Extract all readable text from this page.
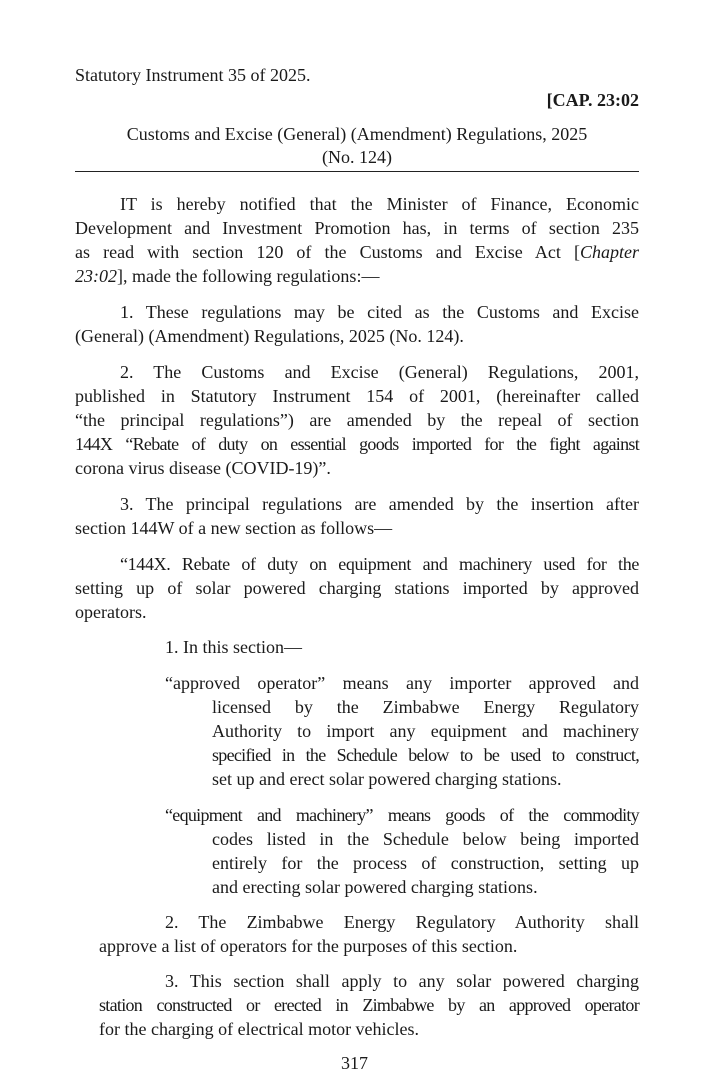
Statutory Instrument 35 of 2025.
[CAP. 23:02
Customs and Excise (General) (Amendment) Regulations, 2025
(No. 124)
IT is hereby notified that the Minister of Finance, Economic
Development and Investment Promotion has, in terms of section 235
as read with section 120 of the Customs and Excise Act [Chapter
23:02], made the following regulations:—
1. These regulations may be cited as the Customs and Excise
(General) (Amendment) Regulations, 2025 (No. 124).
2. The Customs and Excise (General) Regulations, 2001,
published in Statutory Instrument 154 of 2001, (hereinafter called
“the principal regulations”) are amended by the repeal of section
144X “Rebate of duty on essential goods imported for the fight against
corona virus disease (COVID-19)”.
3. The principal regulations are amended by the insertion after
section 144W of a new section as follows—
“144X. Rebate of duty on equipment and machinery used for the
setting up of solar powered charging stations imported by approved
operators.
1. In this section—
“approved operator” means any importer approved and
licensed by the Zimbabwe Energy Regulatory
Authority to import any equipment and machinery
specified in the Schedule below to be used to construct,
set up and erect solar powered charging stations.
“equipment and machinery” means goods of the commodity
codes listed in the Schedule below being imported
entirely for the process of construction, setting up
and erecting solar powered charging stations.
2. The Zimbabwe Energy Regulatory Authority shall
approve a list of operators for the purposes of this section.
3. This section shall apply to any solar powered charging
station constructed or erected in Zimbabwe by an approved operator
for the charging of electrical motor vehicles.
317
